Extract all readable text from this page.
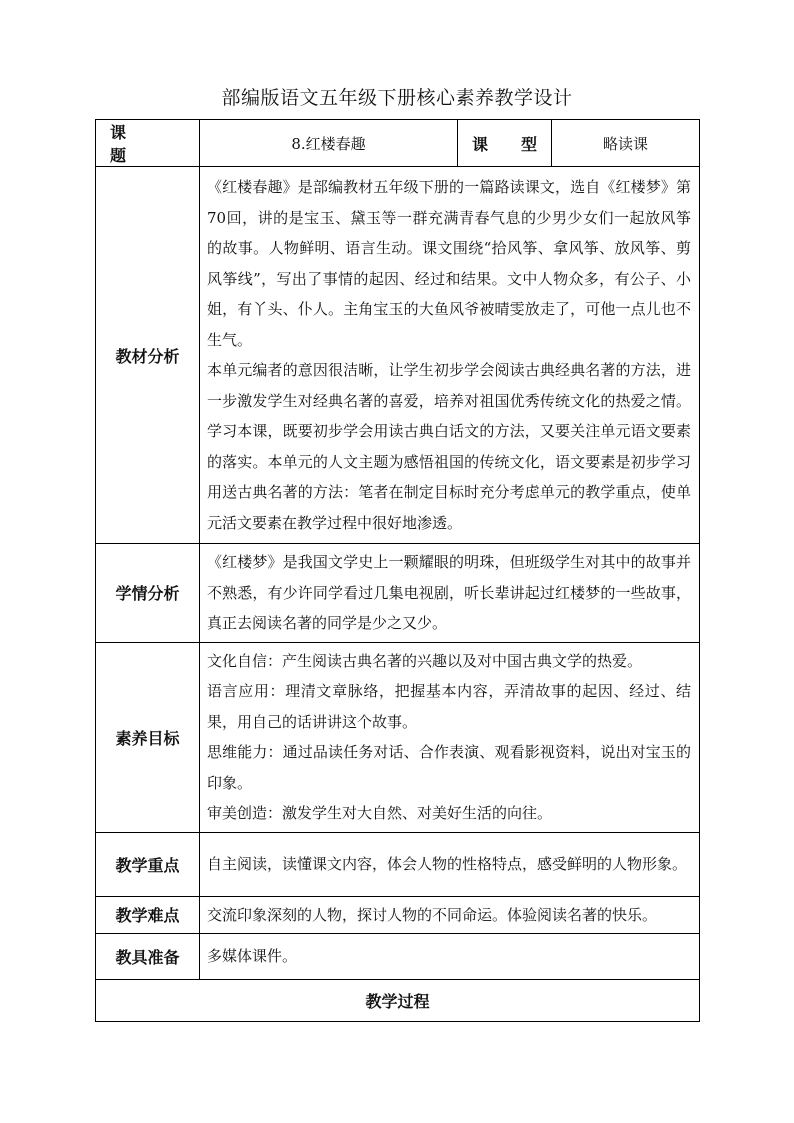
部编版语文五年级下册核心素养教学设计
课题	8.红楼春趣	课 型	略读课
教材分析	《红楼春趣》是部编教材五年级下册的一篇路读课文，选自《红楼梦》第70回，讲的是宝玉、黛玉等一群充满青春气息的少男少女们一起放风筝的故事。人物鲜明、语言生动。课文围绕“拾风筝、拿风筝、放风筝、剪风筝线”，写出了事情的起因、经过和结果。文中人物众多，有公子、小姐，有丫头、仆人。主角宝玉的大鱼风爷被晴雯放走了，可他一点儿也不生气。

本单元编者的意因很洁晰，让学生初步学会阅读古典经典名著的方法，进一步激发学生对经典名著的喜爱，培养对祖国优秀传统文化的热爱之情。学习本课，既要初步学会用读古典白话文的方法，又要关注单元语文要素的落实。本单元的人文主题为感悟祖国的传统文化，语文要素是初步学习用送古典名著的方法：笔者在制定目标时充分考虑单元的教学重点，使单元活文要素在教学过程中很好地渗透。		

学情分析	《红楼梦》是我国文学史上一颗耀眼的明珠，但班级学生对其中的故事并不熟悉，有少许同学看过几集电视剧，听长辈讲起过红楼梦的一些故事，真正去阅读名著的同学是少之又少。		

素养目标	文化自信：产生阅读古典名著的兴趣以及对中国古典文学的热爱。

语言应用：理清文章脉络，把握基本内容，弄清故事的起因、经过、结果，用自己的话讲讲这个故事。

思维能力：通过品读任务对话、合作表演、观看影视资料，说出对宝玉的印象。

审美创造：激发学生对大自然、对美好生活的向往。		

教学重点	自主阅读，读懂课文内容，体会人物的性格特点，感受鲜明的人物形象。		
教学难点	交流印象深刻的人物，探讨人物的不同命运。体验阅读名著的快乐。		
教具准备	多媒体课件。		
教学过程			
